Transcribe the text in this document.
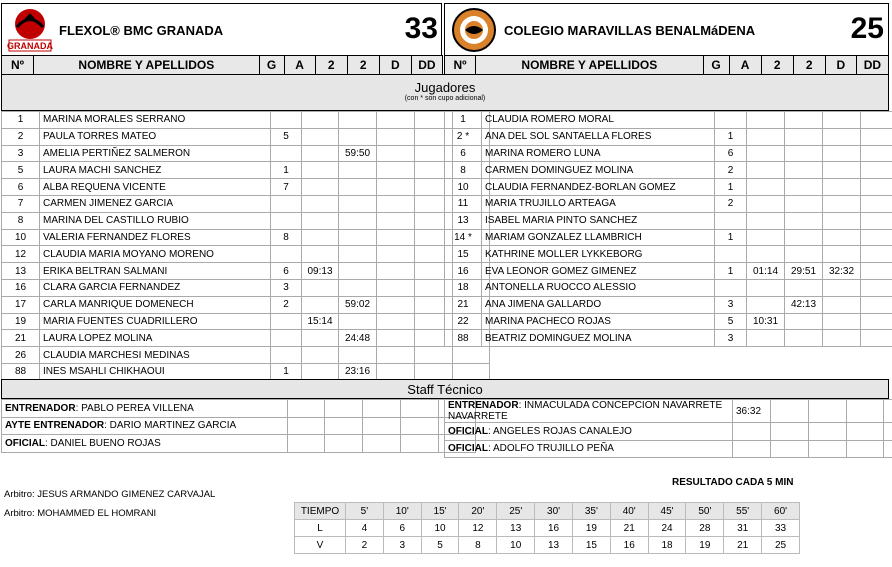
GRANADA
FLEXOL® BMC GRANADA	33	COLEGIO MARAVILLAS BENALMáDENA	25
Nº	NOMBRE Y APELLIDOS	G	A	2	2	D	DD Nº	NOMBRE Y APELLIDOS	G	A	2	2	D	DD
Jugadores
(con * son cupo adicional)
1	MARINA MORALES SERRANO						
2	PAULA TORRES MATEO	5					
3	AMELIA PERTIÑEZ SALMERON			59:50			
5	LAURA MACHI SANCHEZ	1					
6	ALBA REQUENA VICENTE	7					
7	CARMEN JIMENEZ GARCIA						
8	MARINA DEL CASTILLO RUBIO						
10	VALERIA FERNANDEZ FLORES	8					
12	CLAUDIA MARIA MOYANO MORENO						
13	ERIKA BELTRAN SALMANI	6	09:13				
16	CLARA GARCIA FERNANDEZ	3					
17	CARLA MANRIQUE DOMENECH	2		59:02			
19	MARIA FUENTES CUADRILLERO		15:14				
21	LAURA LOPEZ MOLINA			24:48			
26	CLAUDIA MARCHESI MEDINAS						
88	INES MSAHLI CHIKHAOUI	1		23:16			
1	CLAUDIA ROMERO MORAL						
2 *	ANA DEL SOL SANTAELLA FLORES	1					
6	MARINA ROMERO LUNA	6					
8	CARMEN DOMINGUEZ MOLINA	2					
10	CLAUDIA FERNANDEZ-BORLAN GOMEZ	1					
11	MARIA TRUJILLO ARTEAGA	2					
13	ISABEL MARIA PINTO SANCHEZ						
14 *	MARIAM GONZALEZ LLAMBRICH	1					
15	KATHRINE MOLLER LYKKEBORG						
16	EVA LEONOR GOMEZ GIMENEZ	1	01:14	29:51	32:32		
18	ANTONELLA RUOCCO ALESSIO						
21	ANA JIMENA GALLARDO	3		42:13			
22	MARINA PACHECO ROJAS	5	10:31				
88	BEATRIZ DOMINGUEZ MOLINA	3					

Staff Técnico
ENTRENADOR: PABLO PEREA VILLENA					
AYTE ENTRENADOR: DARIO MARTINEZ GARCIA					
OFICIAL: DANIEL BUENO ROJAS					
ENTRENADOR: INMACULADA CONCEPCION NAVARRETE NAVARRETE	36:32				
OFICIAL: ANGELES ROJAS CANALEJO					
OFICIAL: ADOLFO TRUJILLO PEÑA					
Arbitro: JESUS ARMANDO GIMENEZ CARVAJAL
Arbitro: MOHAMMED EL HOMRANI
RESULTADO CADA 5 MIN
TIEMPO	5'	10'	15'	20'	25'	30'	35'	40'	45'	50'	55'	60'
L	4	6	10	12	13	16	19	21	24	28	31	33
V	2	3	5	8	10	13	15	16	18	19	21	25
